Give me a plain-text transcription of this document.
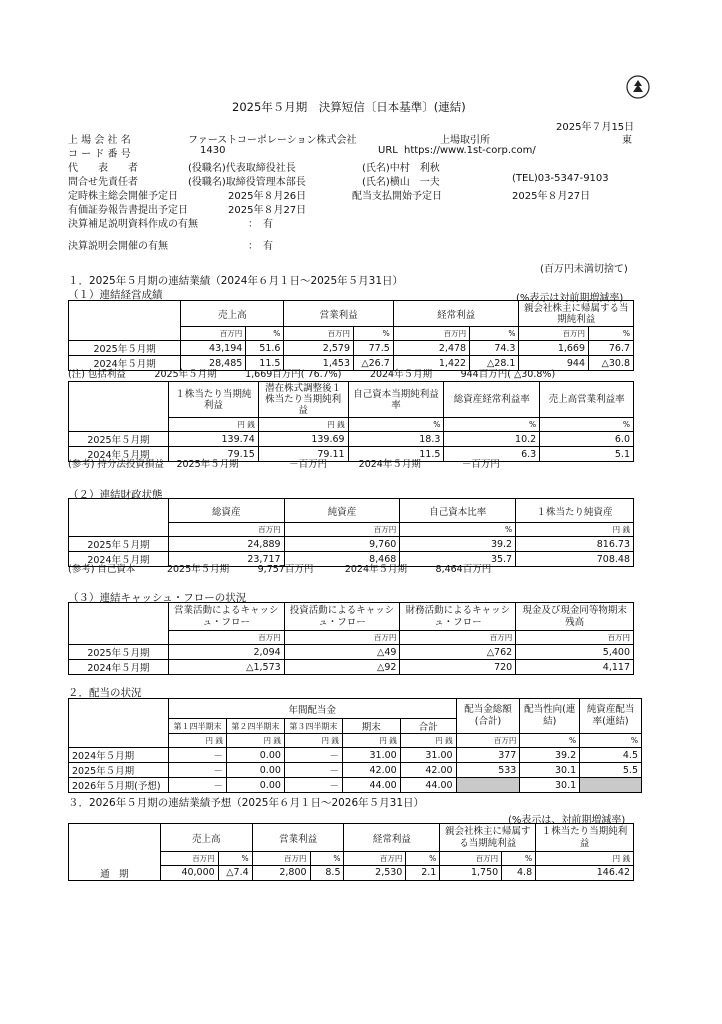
2025年５月期　決算短信〔日本基準〕(連結)
2025年７月15日
上 場 会 社 名	ファーストコーポレーション株式会社	上場取引所	東
コ ー ド 番 号	1430	URL https://www.1st-corp.com/
代　　表　　者	(役職名)代表取締役社長	(氏名)中村　利秋
問合せ先責任者	(役職名)取締役管理本部長	(氏名)横山　一夫	(TEL)03-5347-9103
定時株主総会開催予定日	2025年８月26日	配当支払開始予定日	2025年８月27日
有価証券報告書提出予定日	2025年８月27日
決算補足説明資料作成の有無	：　有
決算説明会開催の有無	：　有
(百万円未満切捨て)
１．2025年５月期の連結業績（2024年６月１日～2025年５月31日）
（１）連結経営成績	(%表示は対前期増減率)
	売上高		営業利益		経常利益		親会社株主に帰属する当期純利益	
	百万円	%	百万円	%	百万円	%	百万円	%
2025年５月期	43,194	51.6	2,579	77.5	2,478	74.3	1,669	76.7
2024年５月期	28,485	11.5	1,453	△26.7	1,422	△28.1	944	△30.8
(注) 包括利益　　　2025年５月期　　　1,669百万円( 76.7%)　　　2024年５月期　　　944百万円( △30.8%)
	１株当たり当期純利益	潜在株式調整後１株当たり当期純利益	自己資本当期純利益率	総資産経常利益率	売上高営業利益率
	円 銭	円 銭	%	%	%
2025年５月期	139.74	139.69	18.3	10.2	6.0
2024年５月期	79.15	79.11	11.5	6.3	5.1
(参考) 持分法投資損益　 2025年５月期　　　　　 －百万円　　　 2024年５月期　　　　 －百万円
（２）連結財政状態
	総資産	純資産	自己資本比率	１株当たり純資産
	百万円	百万円	%	円 銭
2025年５月期	24,889	9,760	39.2	816.73
2024年５月期	23,717	8,468	35.7	708.48
(参考) 自己資本　　　 2025年５月期　　　9,757百万円　　　 2024年５月期　　　8,464百万円
（３）連結キャッシュ・フローの状況
	営業活動によるキャッシュ・フロー	投資活動によるキャッシュ・フロー	財務活動によるキャッシュ・フロー	現金及び現金同等物期末残高
	百万円	百万円	百万円	百万円
2025年５月期	2,094	△49	△762	5,400
2024年５月期	△1,573	△92	720	4,117
２．配当の状況
	年間配当金					配当金総額(合計)	配当性向(連結)	純資産配当率(連結)
	第１四半期末	第２四半期末	第３四半期末	期末	合計			
	円 銭	円 銭	円 銭	円 銭	円 銭	百万円	%	%
2024年５月期	－	0.00	－	31.00	31.00	377	39.2	4.5
2025年５月期	－	0.00	－	42.00	42.00	533	30.1	5.5
2026年５月期(予想)	－	0.00	－	44.00	44.00		30.1	
３．2026年５月期の連結業績予想（2025年６月１日～2026年５月31日）
(%表示は、対前期増減率)
	売上高		営業利益		経常利益		親会社株主に帰属する当期純利益		１株当たり当期純利益
	百万円	%	百万円	%	百万円	%	百万円	%	円 銭
通　期	40,000	△7.4	2,800	8.5	2,530	2.1	1,750	4.8	146.42
